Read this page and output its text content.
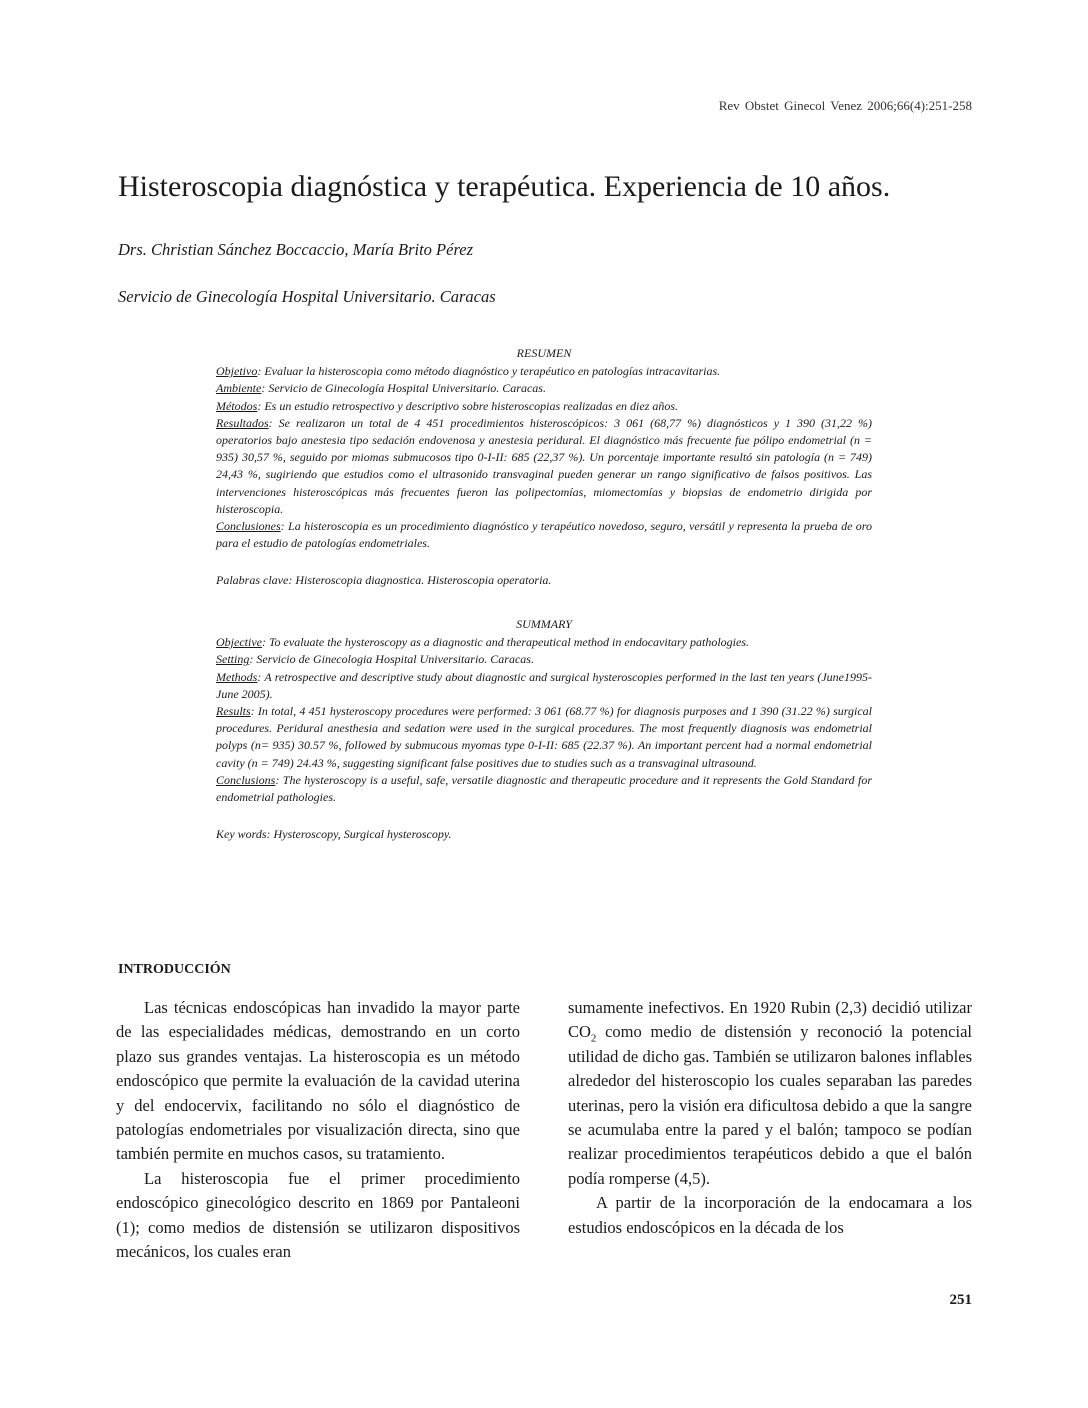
Rev Obstet Ginecol Venez 2006;66(4):251-258
Histeroscopia diagnóstica y terapéutica. Experiencia de 10 años.
Drs. Christian Sánchez Boccaccio, María Brito Pérez
Servicio de Ginecología Hospital Universitario. Caracas
RESUMEN

Objetivo: Evaluar la histeroscopia como método diagnóstico y terapéutico en patologías intracavitarias.

Ambiente: Servicio de Ginecología Hospital Universitario. Caracas.

Métodos: Es un estudio retrospectivo y descriptivo sobre histeroscopias realizadas en diez años.

Resultados: Se realizaron un total de 4 451 procedimientos histeroscópicos: 3 061 (68,77 %) diagnósticos y 1 390 (31,22 %) operatorios bajo anestesia tipo sedación endovenosa y anestesia peridural. El diagnóstico más frecuente fue pólipo endometrial (n = 935) 30,57 %, seguido por miomas submucosos tipo 0-I-II: 685 (22,37 %). Un porcentaje importante resultó sin patología (n = 749) 24,43 %, sugiriendo que estudios como el ultrasonido transvaginal pueden generar un rango significativo de falsos positivos. Las intervenciones histeroscópicas más frecuentes fueron las polipectomías, miomectomías y biopsias de endometrio dirigida por histeroscopia.

Conclusiones: La histeroscopia es un procedimiento diagnóstico y terapéutico novedoso, seguro, versátil y representa la prueba de oro para el estudio de patologías endometriales.

Palabras clave: Histeroscopia diagnostica. Histeroscopia operatoria.

SUMMARY

Objective: To evaluate the hysteroscopy as a diagnostic and therapeutical method in endocavitary pathologies.

Setting: Servicio de Ginecologia Hospital Universitario. Caracas.

Methods: A retrospective and descriptive study about diagnostic and surgical hysteroscopies performed in the last ten years (June1995-June 2005).

Results: In total, 4 451 hysteroscopy procedures were performed: 3 061 (68.77 %) for diagnosis purposes and 1 390 (31.22 %) surgical procedures. Peridural anesthesia and sedation were used in the surgical procedures. The most frequently diagnosis was endometrial polyps (n= 935) 30.57 %, followed by submucous myomas type 0-I-II: 685 (22.37 %). An important percent had a normal endometrial cavity (n = 749) 24.43 %, suggesting significant false positives due to studies such as a transvaginal ultrasound.

Conclusions: The hysteroscopy is a useful, safe, versatile diagnostic and therapeutic procedure and it represents the Gold Standard for endometrial pathologies.

Key words: Hysteroscopy, Surgical hysteroscopy.

INTRODUCCIÓN

Las técnicas endoscópicas han invadido la mayor parte de las especialidades médicas, demostrando en un corto plazo sus grandes ventajas. La histeroscopia es un método endoscópico que permite la evaluación de la cavidad uterina y del endocervix, facilitando no sólo el diagnóstico de patologías endometriales por visualización directa, sino que también permite en muchos casos, su tratamiento.

La histeroscopia fue el primer procedimiento endoscópico ginecológico descrito en 1869 por Pantaleoni (1); como medios de distensión se utilizaron dispositivos mecánicos, los cuales eran

sumamente inefectivos. En 1920 Rubin (2,3) decidió utilizar $CO_2$ como medio de distensión y reconoció la potencial utilidad de dicho gas. También se utilizaron balones inflables alrededor del histeroscopio los cuales separaban las paredes uterinas, pero la visión era dificultosa debido a que la sangre se acumulaba entre la pared y el balón; tampoco se podían realizar procedimientos terapéuticos debido a que el balón podía romperse (4,5).

A partir de la incorporación de la endocamara a los estudios endoscópicos en la década de los

251
